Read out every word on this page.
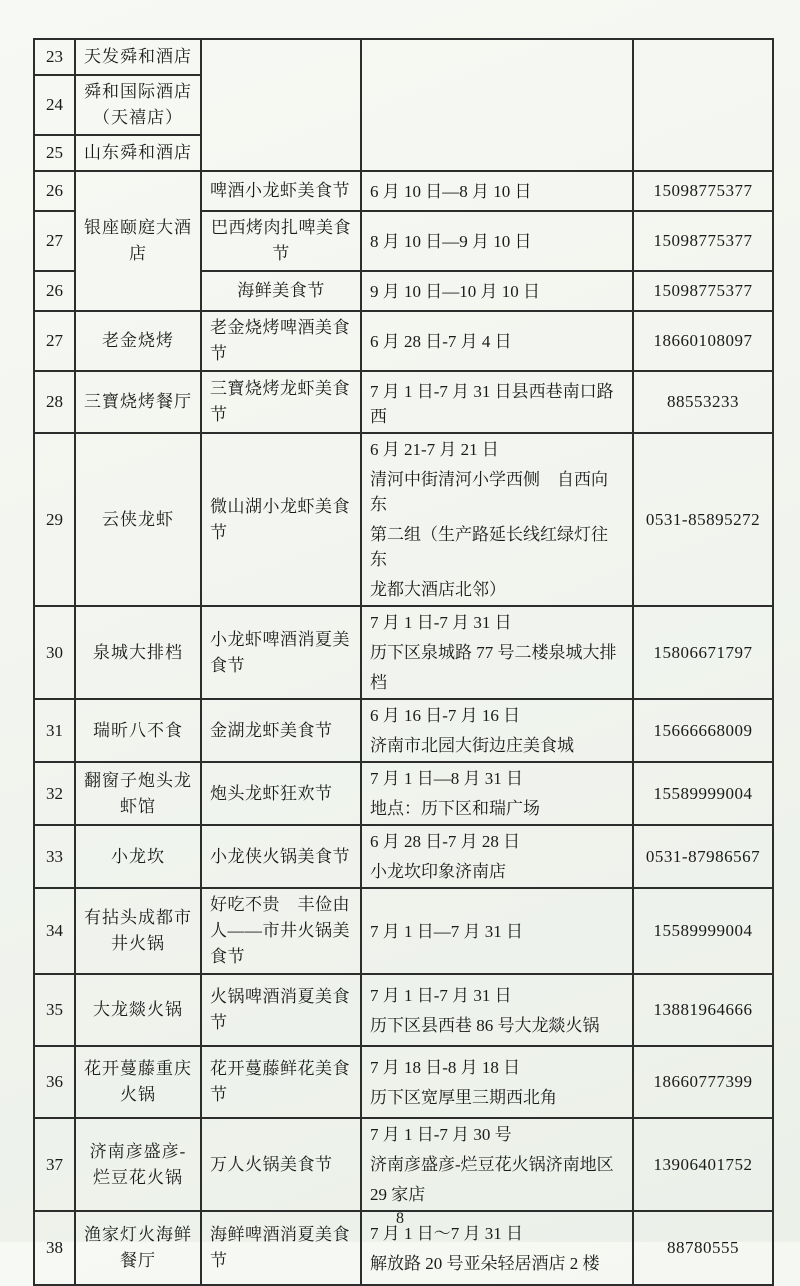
23	天发舜和酒店			

24	舜和国际酒店
（天禧店）			

25	山东舜和酒店			

26	银座颐庭大酒店	啤酒小龙虾美食节	6 月 10 日—8 月 10 日	15098775377

27		巴西烤肉扎啤美食节	8 月 10 日—9 月 10 日	15098775377

26		海鲜美食节	9 月 10 日—10 月 10 日	15098775377

27	老金烧烤	老金烧烤啤酒美食节	6 月 28 日-7 月 4 日	18660108097

28	三寶烧烤餐厅	三寶烧烤龙虾美食节	7 月 1 日-7 月 31 日县西巷南口路西	88553233

29	云侠龙虾	微山湖小龙虾美食节	6 月 21-7 月 21 日
清河中街清河小学西侧　自西向东
第二组（生产路延长线红绿灯往东
龙都大酒店北邻）	0531-85895272

30	泉城大排档	小龙虾啤酒消夏美食节	7 月 1 日-7 月 31 日
历下区泉城路 77 号二楼泉城大排
档	15806671797

31	瑞昕八不食	金湖龙虾美食节	6 月 16 日-7 月 16 日
济南市北园大街边庄美食城	15666668009

32	翻窗子炮头龙虾馆	炮头龙虾狂欢节	7 月 1 日—8 月 31 日
地点：历下区和瑞广场	15589999004

33	小龙坎	小龙侠火锅美食节	6 月 28 日-7 月 28 日
小龙坎印象济南店	0531-87986567

34	有拈头成都市井火锅	好吃不贵　丰俭由人——市井火锅美食节	7 月 1 日—7 月 31 日	15589999004

35	大龙燚火锅	火锅啤酒消夏美食节	7 月 1 日-7 月 31 日
历下区县西巷 86 号大龙燚火锅	13881964666

36	花开蔓藤重庆火锅	花开蔓藤鲜花美食节	7 月 18 日-8 月 18 日
历下区宽厚里三期西北角	18660777399

37	济南彦盛彦-烂豆花火锅	万人火锅美食节	7 月 1 日-7 月 30 号
济南彦盛彦-烂豆花火锅济南地区
29 家店	13906401752

38	渔家灯火海鲜餐厅	海鲜啤酒消夏美食节	7 月 1 日～7 月 31 日
解放路 20 号亚朵轻居酒店 2 楼	88780555
8
